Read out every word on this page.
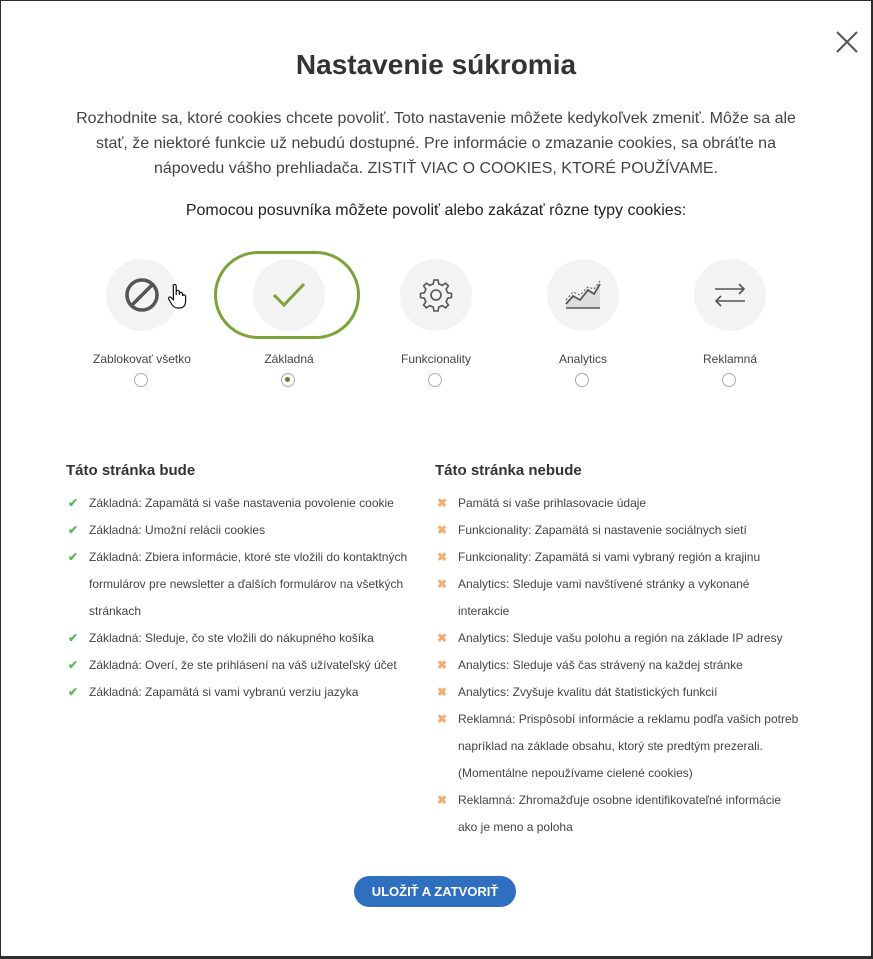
Nastavenie súkromia
Rozhodnite sa, ktoré cookies chcete povoliť. Toto nastavenie môžete kedykoľvek zmeniť. Môže sa ale stať, že niektoré funkcie už nebudú dostupné. Pre informácie o zmazanie cookies, sa obráťte na nápovedu vášho prehliadača. ZISTIŤ VIAC O COOKIES, KTORÉ POUŽÍVAME.
Pomocou posuvníka môžete povoliť alebo zakázať rôzne typy cookies:
Zablokovať všetko	Základná	Funkcionality	Analytics	Reklamná
Táto stránka bude
✔ Základná: Zapamätá si vaše nastavenia povolenie cookie
✔ Základná: Umožní relácii cookies
✔ Základná: Zbiera informácie, ktoré ste vložili do kontaktných formulárov pre newsletter a ďalších formulárov na všetkých stránkach
✔ Základná: Sleduje, čo ste vložili do nákupného košíka
✔ Základná: Overí, že ste prihlásení na váš užívateľský účet
✔ Základná: Zapamätá si vami vybranú verziu jazyka
Táto stránka nebude
✖ Pamätá si vaše prihlasovacie údaje
✖ Funkcionality: Zapamätá si nastavenie sociálnych sietí
✖ Funkcionality: Zapamätá si vami vybraný región a krajinu
✖ Analytics: Sleduje vami navštívené stránky a vykonané interakcie
✖ Analytics: Sleduje vašu polohu a región na základe IP adresy
✖ Analytics: Sleduje váš čas strávený na každej stránke
✖ Analytics: Zvyšuje kvalitu dát štatistických funkcií
✖ Reklamná: Prispôsobí informácie a reklamu podľa vašich potreb napríklad na základe obsahu, ktorý ste predtým prezerali. (Momentálne nepoužívame cielené cookies)
✖ Reklamná: Zhromažďuje osobne identifikovateľné informácie ako je meno a poloha
ULOŽIŤ A ZATVORIŤ
